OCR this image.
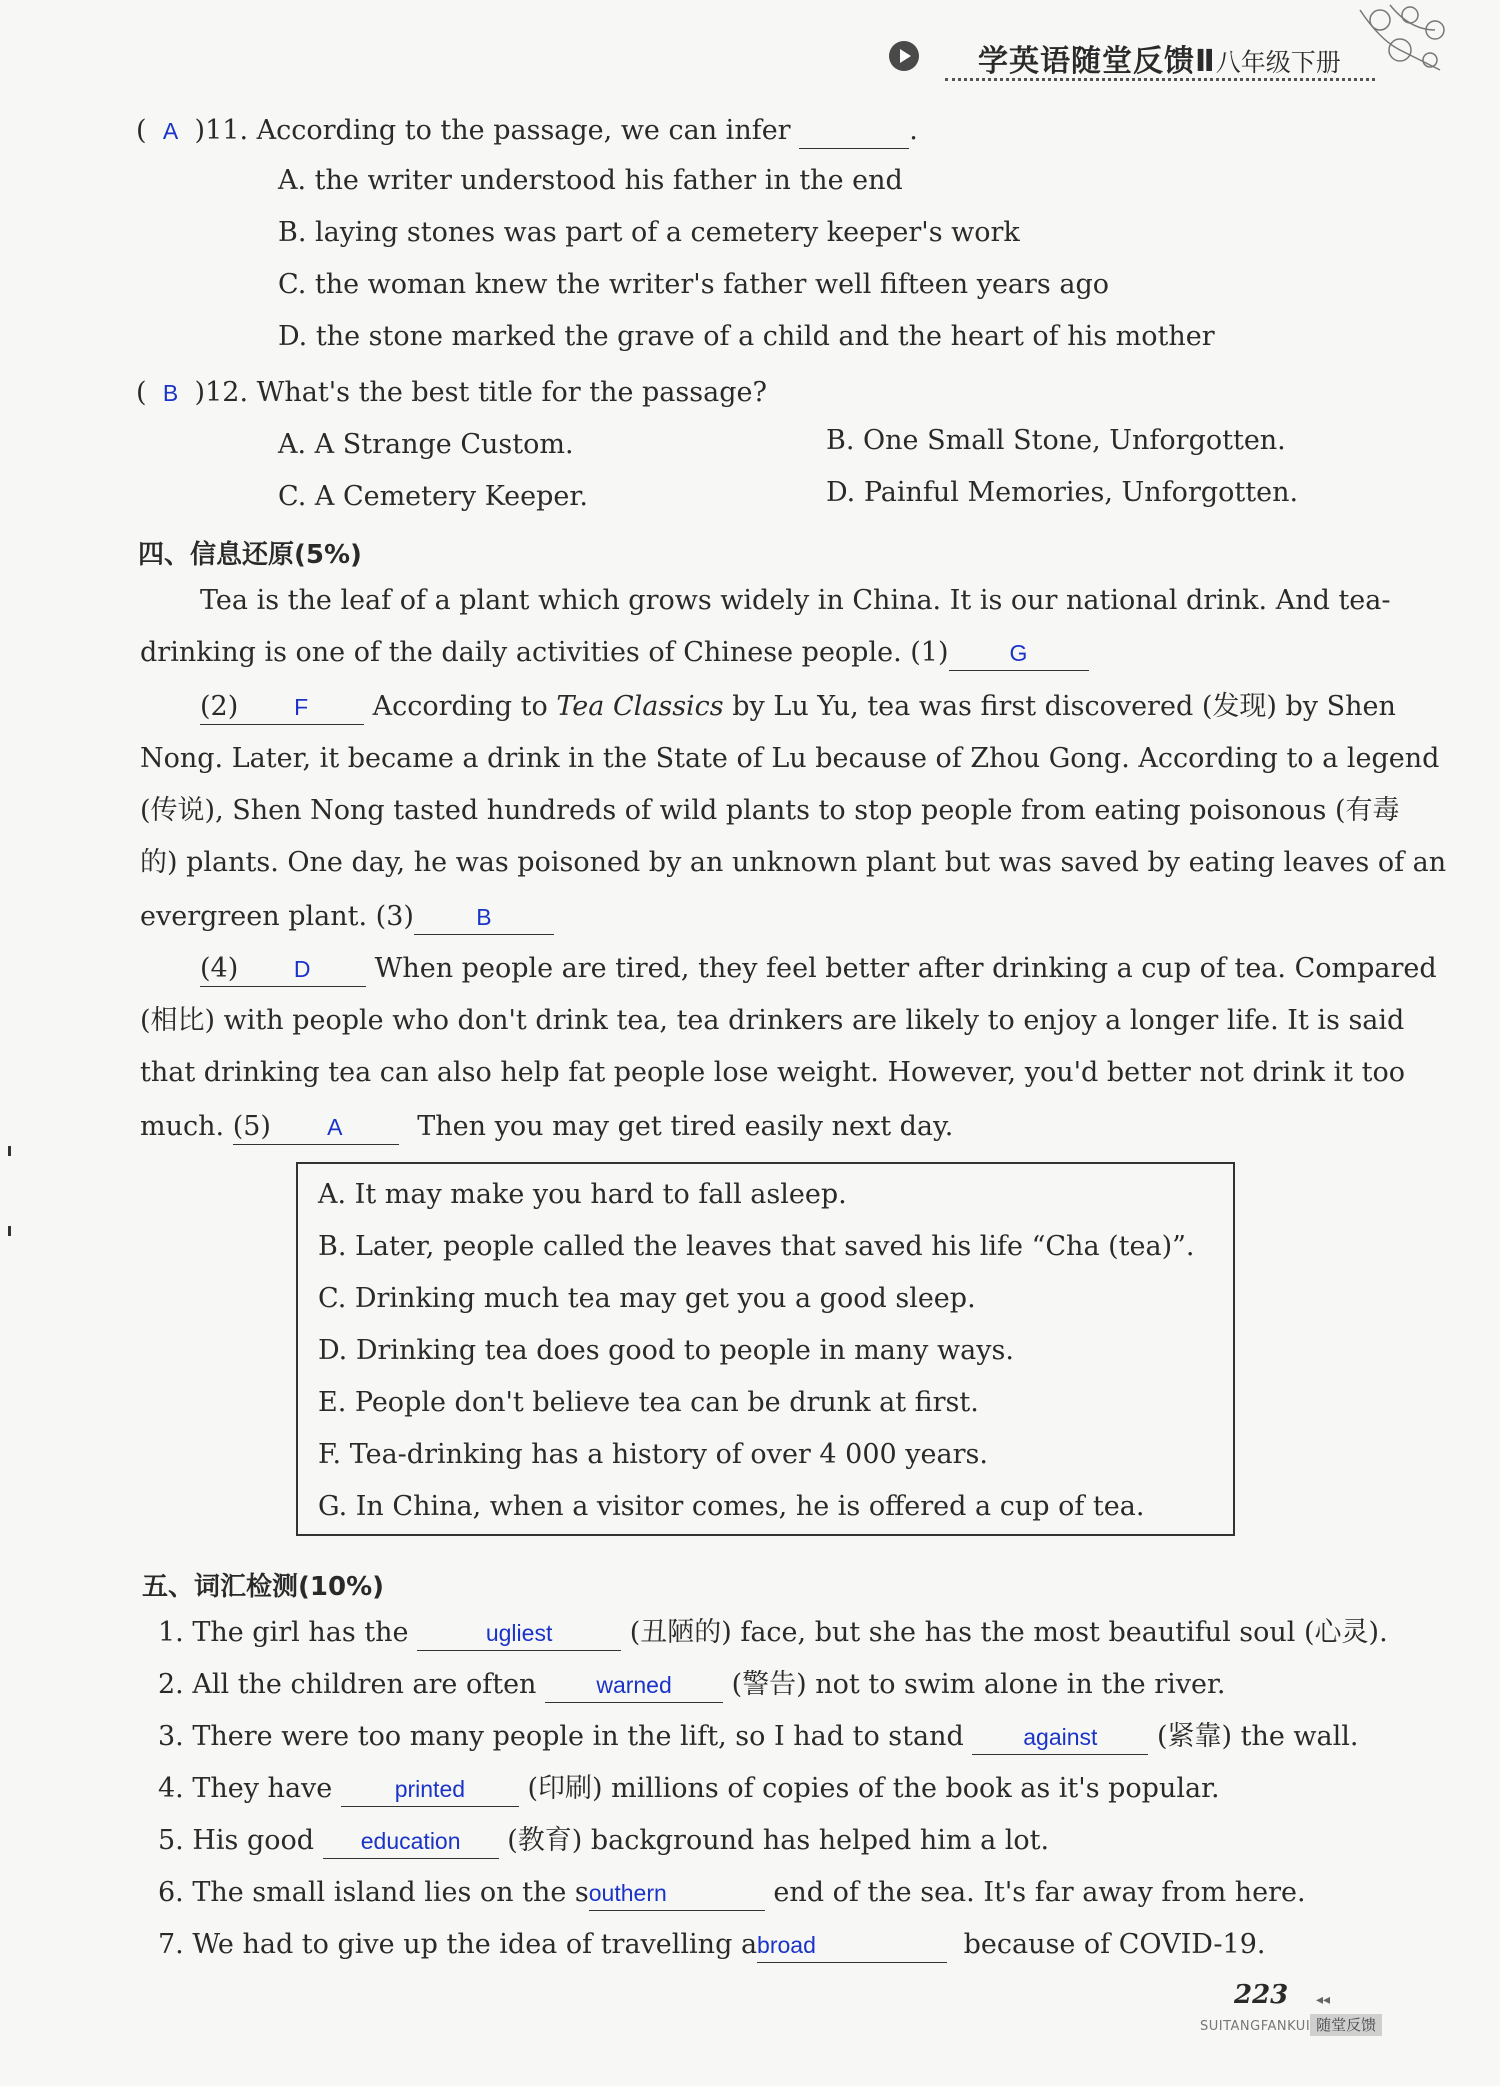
学英语随堂反馈Ⅱ八年级下册
( A )11. According to the passage, we can infer	.
A. the writer understood his father in the end
B. laying stones was part of a cemetery keeper's work
C. the woman knew the writer's father well fifteen years ago
D. the stone marked the grave of a child and the heart of his mother
( B )12. What's the best title for the passage?
A. A Strange Custom.	B. One Small Stone, Unforgotten.
C. A Cemetery Keeper.	D. Painful Memories, Unforgotten.
四、信息还原(5%)
Tea is the leaf of a plant which grows widely in China. It is our national drink. And tea-
drinking is one of the daily activities of Chinese people. (1)	G
(2) F According to Tea Classics by Lu Yu, tea was first discovered (发现) by Shen
Nong. Later, it became a drink in the State of Lu because of Zhou Gong. According to a legend
(传说), Shen Nong tasted hundreds of wild plants to stop people from eating poisonous (有毒
的) plants. One day, he was poisoned by an unknown plant but was saved by eating leaves of an
evergreen plant. (3)	B
(4) D When people are tired, they feel better after drinking a cup of tea. Compared
(相比) with people who don't drink tea, tea drinkers are likely to enjoy a longer life. It is said
that drinking tea can also help fat people lose weight. However, you'd better not drink it too
much. (5) A	Then you may get tired easily next day.
A. It may make you hard to fall asleep.
B. Later, people called the leaves that saved his life “Cha (tea)”.
C. Drinking much tea may get you a good sleep.
D. Drinking tea does good to people in many ways.
E. People don't believe tea can be drunk at first.
F. Tea-drinking has a history of over 4 000 years.
G. In China, when a visitor comes, he is offered a cup of tea.
五、词汇检测(10%)
1. The girl has the	ugliest	(丑陋的) face, but she has the most beautiful soul (心灵).
2. All the children are often	warned (警告) not to swim alone in the river.
3. There were too many people in the lift, so I had to stand	against (紧靠) the wall.
4. They have	printed (印刷) millions of copies of the book as it's popular.
5. His good education (教育) background has helped him a lot.
6. The small island lies on the southern	end of the sea. It's far away from here.
7. We had to give up the idea of travelling abroad	because of COVID-19.
223 ◂◂
SUITANGFANKUI 随堂反馈
